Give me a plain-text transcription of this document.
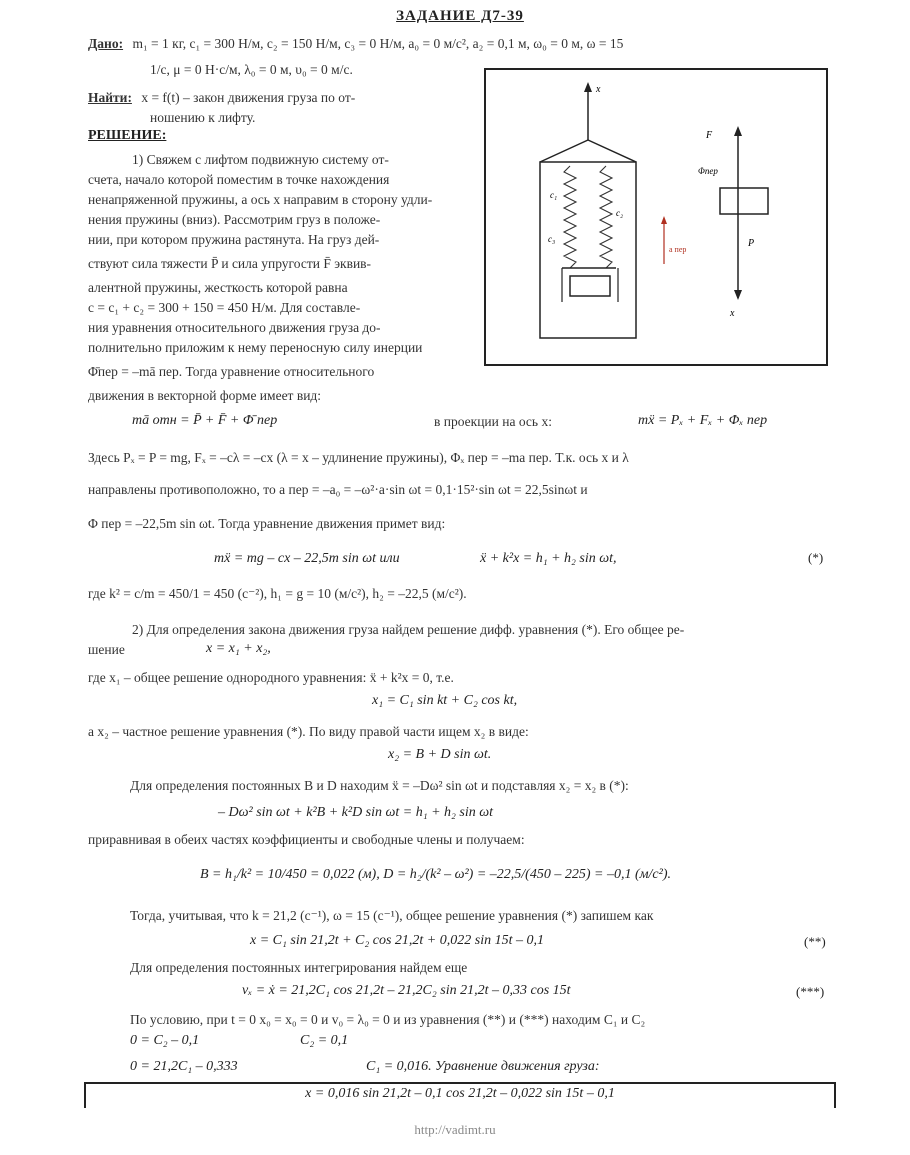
ЗАДАНИЕ Д7-39
Дано: m₁ = 1 кг, c₁ = 300 Н/м, c₂ = 150 Н/м, c₃ = 0 Н/м, a₀ = 0 м/с², a₂ = 0,1 м, ω₀ = 0 м, ω = 15
1/с, μ = 0 Н·с/м, λ₀ = 0 м, υ₀ = 0 м/с.
Найти: x = f(t) – закон движения груза по от-
ношению к лифту.
РЕШЕНИЕ:
1) Свяжем с лифтом подвижную систему от-
счета, начало которой поместим в точке нахождения
ненапряженной пружины, а ось x направим в сторону удли-
нения пружины (вниз). Рассмотрим груз в положе-
нии, при котором пружина растянута. На груз дей-
ствуют сила тяжести P̄ и сила упругости F̄ эквив-
алентной пружины, жесткость которой равна
c = c₁ + c₂ = 300 + 150 = 450 Н/м. Для составле-
ния уравнения относительного движения груза до-
полнительно приложим к нему переносную силу инерции
Φ̄пер = –mā пер. Тогда уравнение относительного
движения в векторной форме имеет вид:
x
c₁
c₂
c₃
a пер
F
Φпер
P
x
mā отн = P̄ + F̄ + Φ̄ пер	в проекции на ось x:	mẍ = Pₓ + Fₓ + Φₓ пер
Здесь Pₓ = P = mg, Fₓ = –cλ = –cx (λ = x – удлинение пружины), Φₓ пер = –ma пер. Т.к. ось x и λ
направлены противоположно, то a пер = –a₀ = –ω²·a·sin ωt = 0,1·15²·sin ωt = 22,5sinωt и
Φ пер = –22,5m sin ωt. Тогда уравнение движения примет вид:
mẍ = mg – cx – 22,5m sin ωt или	ẍ + k²x = h₁ + h₂ sin ωt,	(*)
где k² = c/m = 450/1 = 450 (с⁻²), h₁ = g = 10 (м/с²), h₂ = –22,5 (м/с²).
2) Для определения закона движения груза найдем решение дифф. уравнения (*). Его общее ре-
шение	x = x₁ + x₂,
где x₁ – общее решение однородного уравнения: ẍ + k²x = 0, т.е.
x₁ = C₁ sin kt + C₂ cos kt,
а x₂ – частное решение уравнения (*). По виду правой части ищем x₂ в виде:
x₂ = B + D sin ωt.
Для определения постоянных B и D находим ẍ = –Dω² sin ωt и подставляя x₂ = x₂ в (*):
– Dω² sin ωt + k²B + k²D sin ωt = h₁ + h₂ sin ωt
приравнивая в обеих частях коэффициенты и свободные члены и получаем:
B = h₁/k² = 10/450 = 0,022 (м), D = h₂/(k² – ω²) = –22,5/(450 – 225) = –0,1 (м/с²).
Тогда, учитывая, что k = 21,2 (с⁻¹), ω = 15 (с⁻¹), общее решение уравнения (*) запишем как
x = C₁ sin 21,2t + C₂ cos 21,2t + 0,022 sin 15t – 0,1	(**)
Для определения постоянных интегрирования найдем еще
vₓ = ẋ = 21,2C₁ cos 21,2t – 21,2C₂ sin 21,2t – 0,33 cos 15t	(***)
По условию, при t = 0 x₀ = x₀ = 0 и v₀ = λ₀ = 0 и из уравнения (**) и (***) находим C₁ и C₂
0 = C₂ – 0,1	C₂ = 0,1
0 = 21,2C₁ – 0,333	C₁ = 0,016. Уравнение движения груза:
x = 0,016 sin 21,2t – 0,1 cos 21,2t – 0,022 sin 15t – 0,1
http://vadimt.ru
